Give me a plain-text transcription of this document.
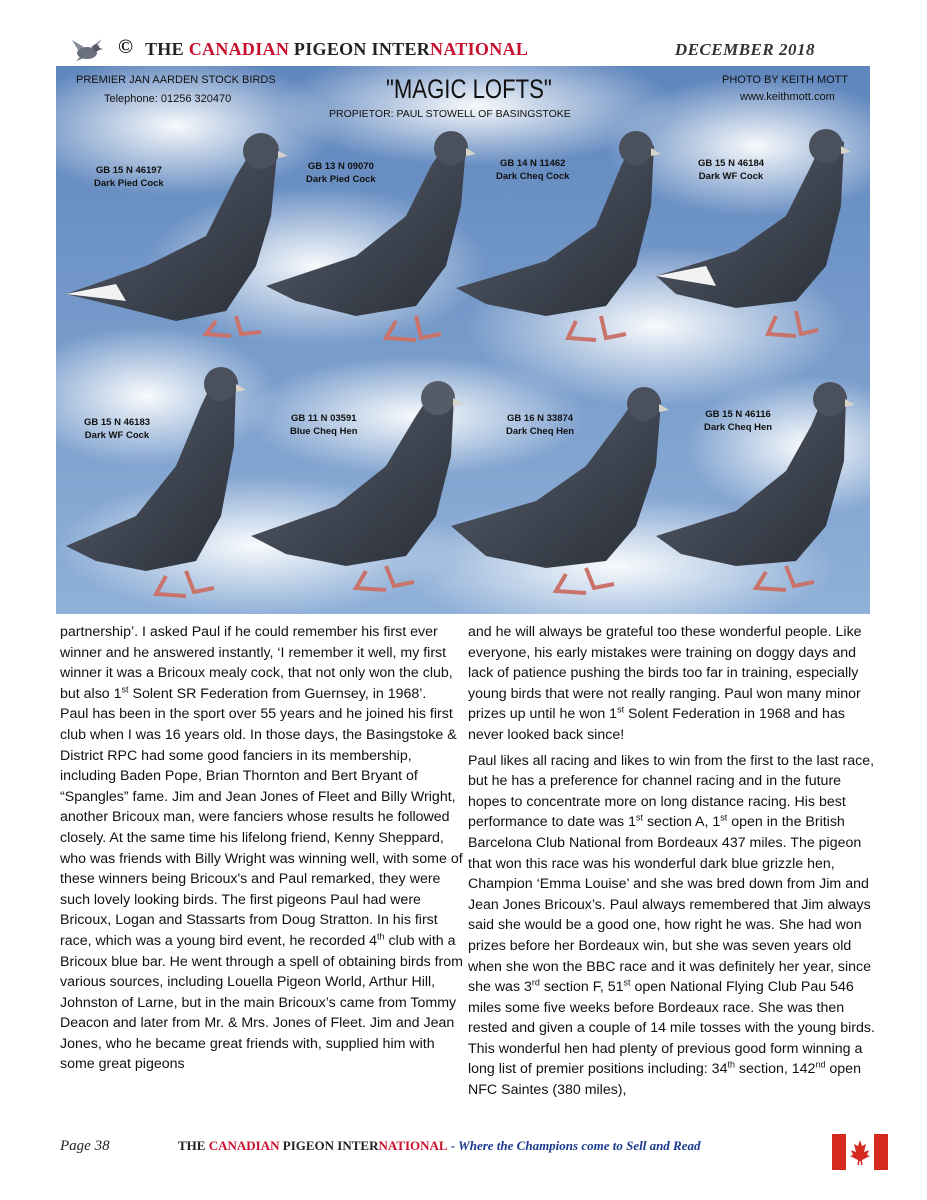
© THE CANADIAN PIGEON INTERNATIONAL	DECEMBER 2018
PREMIER JAN AARDEN STOCK BIRDS
Telephone: 01256 320470	"MAGIC LOFTS"
PROPIETOR: PAUL STOWELL OF BASINGSTOKE
PHOTO BY KEITH MOTT
www.keithmott.com
GB 15 N 46197
Dark Pied Cock
GB 13 N 09070
Dark Pied Cock
GB 14 N 11462
Dark Cheq Cock
GB 15 N 46184
Dark WF Cock
GB 15 N 46183
Dark WF Cock
GB 11 N 03591
Blue Cheq Hen
GB 16 N 33874
Dark Cheq Hen
GB 15 N 46116
Dark Cheq Hen

partnership’. I asked Paul if he could remember his first ever winner and he answered instantly, ‘I remember it well, my first winner it was a Bricoux mealy cock, that not only won the club, but also 1st Solent SR Federation from Guernsey, in 1968’.

Paul has been in the sport over 55 years and he joined his first club when I was 16 years old. In those days, the Basingstoke & District RPC had some good fanciers in its membership, including Baden Pope, Brian Thornton and Bert Bryant of “Spangles” fame. Jim and Jean Jones of Fleet and Billy Wright, another Bricoux man, were fanciers whose results he followed closely. At the same time his lifelong friend, Kenny Sheppard, who was friends with Billy Wright was winning well, with some of these winners being Bricoux's and Paul remarked, they were such lovely looking birds. The first pigeons Paul had were Bricoux, Logan and Stassarts from Doug Stratton. In his first race, which was a young bird event, he recorded 4th club with a Bricoux blue bar. He went through a spell of obtaining birds from various sources, including Louella Pigeon World, Arthur Hill, Johnston of Larne, but in the main Bricoux’s came from Tommy Deacon and later from Mr. & Mrs. Jones of Fleet. Jim and Jean Jones, who he became great friends with, supplied him with some great pigeons

and he will always be grateful too these wonderful people. Like everyone, his early mistakes were training on doggy days and lack of patience pushing the birds too far in training, especially young birds that were not really ranging. Paul won many minor prizes up until he won 1st Solent Federation in 1968 and has never looked back since!

Paul likes all racing and likes to win from the first to the last race, but he has a preference for channel racing and in the future hopes to concentrate more on long distance racing. His best performance to date was 1st section A, 1st open in the British Barcelona Club National from Bordeaux 437 miles. The pigeon that won this race was his wonderful dark blue grizzle hen, Champion ‘Emma Louise’ and she was bred down from Jim and Jean Jones Bricoux’s. Paul always remembered that Jim always said she would be a good one, how right he was. She had won prizes before her Bordeaux win, but she was seven years old when she won the BBC race and it was definitely her year, since she was 3rd section F, 51st open National Flying Club Pau 546 miles some five weeks before Bordeaux race. She was then rested and given a couple of 14 mile tosses with the young birds. This wonderful hen had plenty of previous good form winning a long list of premier positions including: 34th section, 142nd open NFC Saintes (380 miles),

Page 38	THE CANADIAN PIGEON INTERNATIONAL - Where the Champions come to Sell and Read
